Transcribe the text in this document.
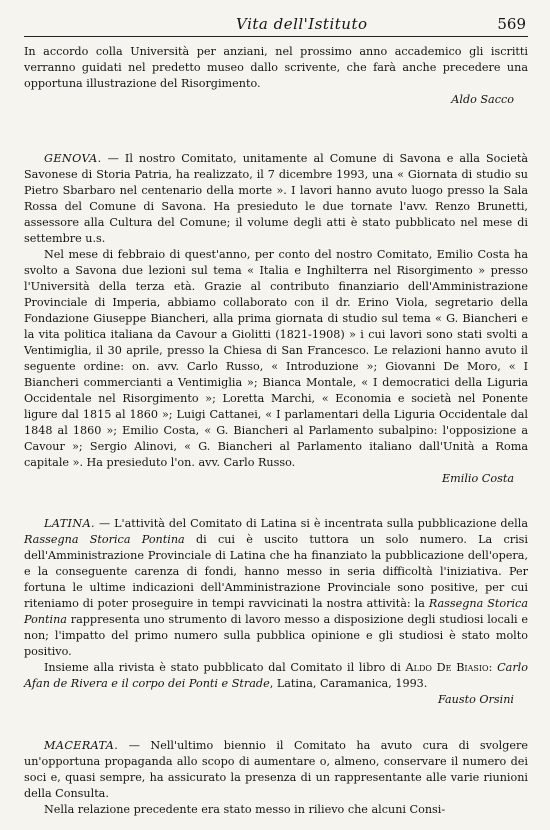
Vita dell'Istituto	569

In accordo colla Università per anziani, nel prossimo anno accademico gli iscritti verranno guidati nel predetto museo dallo scrivente, che farà anche precedere una opportuna illustrazione del Risorgimento.

Aldo Sacco

GENOVA. — Il nostro Comitato, unitamente al Comune di Savona e alla Società Savonese di Storia Patria, ha realizzato, il 7 dicembre 1993, una « Giornata di studio su Pietro Sbarbaro nel centenario della morte ». I lavori hanno avuto luogo presso la Sala Rossa del Comune di Savona. Ha presieduto le due tornate l'avv. Renzo Brunetti, assessore alla Cultura del Comune; il volume degli atti è stato pubblicato nel mese di settembre u.s.

Nel mese di febbraio di quest'anno, per conto del nostro Comitato, Emilio Costa ha svolto a Savona due lezioni sul tema « Italia e Inghilterra nel Risorgimento » presso l'Università della terza età. Grazie al contributo finanziario dell'Amministrazione Provinciale di Imperia, abbiamo collaborato con il dr. Erino Viola, segretario della Fondazione Giuseppe Biancheri, alla prima giornata di studio sul tema « G. Biancheri e la vita politica italiana da Cavour a Giolitti (1821-1908) » i cui lavori sono stati svolti a Ventimiglia, il 30 aprile, presso la Chiesa di San Francesco. Le relazioni hanno avuto il seguente ordine: on. avv. Carlo Russo, « Introduzione »; Giovanni De Moro, « I Biancheri commercianti a Ventimiglia »; Bianca Montale, « I democratici della Liguria Occidentale nel Risorgimento »; Loretta Marchi, « Economia e società nel Ponente ligure dal 1815 al 1860 »; Luigi Cattanei, « I parlamentari della Liguria Occidentale dal 1848 al 1860 »; Emilio Costa, « G. Biancheri al Parlamento subalpino: l'opposizione a Cavour »; Sergio Alinovi, « G. Biancheri al Parlamento italiano dall'Unità a Roma capitale ». Ha presieduto l'on. avv. Carlo Russo.

Emilio Costa

LATINA. — L'attività del Comitato di Latina si è incentrata sulla pubblicazione della Rassegna Storica Pontina di cui è uscito tuttora un solo numero. La crisi dell'Amministrazione Provinciale di Latina che ha finanziato la pubblicazione dell'opera, e la conseguente carenza di fondi, hanno messo in seria difficoltà l'iniziativa. Per fortuna le ultime indicazioni dell'Amministrazione Provinciale sono positive, per cui riteniamo di poter proseguire in tempi ravvicinati la nostra attività: la Rassegna Storica Pontina rappresenta uno strumento di lavoro messo a disposizione degli studiosi locali e non; l'impatto del primo numero sulla pubblica opinione e gli studiosi è stato molto positivo.

Insieme alla rivista è stato pubblicato dal Comitato il libro di Aldo De Biasio: Carlo Afan de Rivera e il corpo dei Ponti e Strade, Latina, Caramanica, 1993.

Fausto Orsini

MACERATA. — Nell'ultimo biennio il Comitato ha avuto cura di svolgere un'opportuna propaganda allo scopo di aumentare o, almeno, conservare il numero dei soci e, quasi sempre, ha assicurato la presenza di un rappresentante alle varie riunioni della Consulta.

Nella relazione precedente era stato messo in rilievo che alcuni Consi-
